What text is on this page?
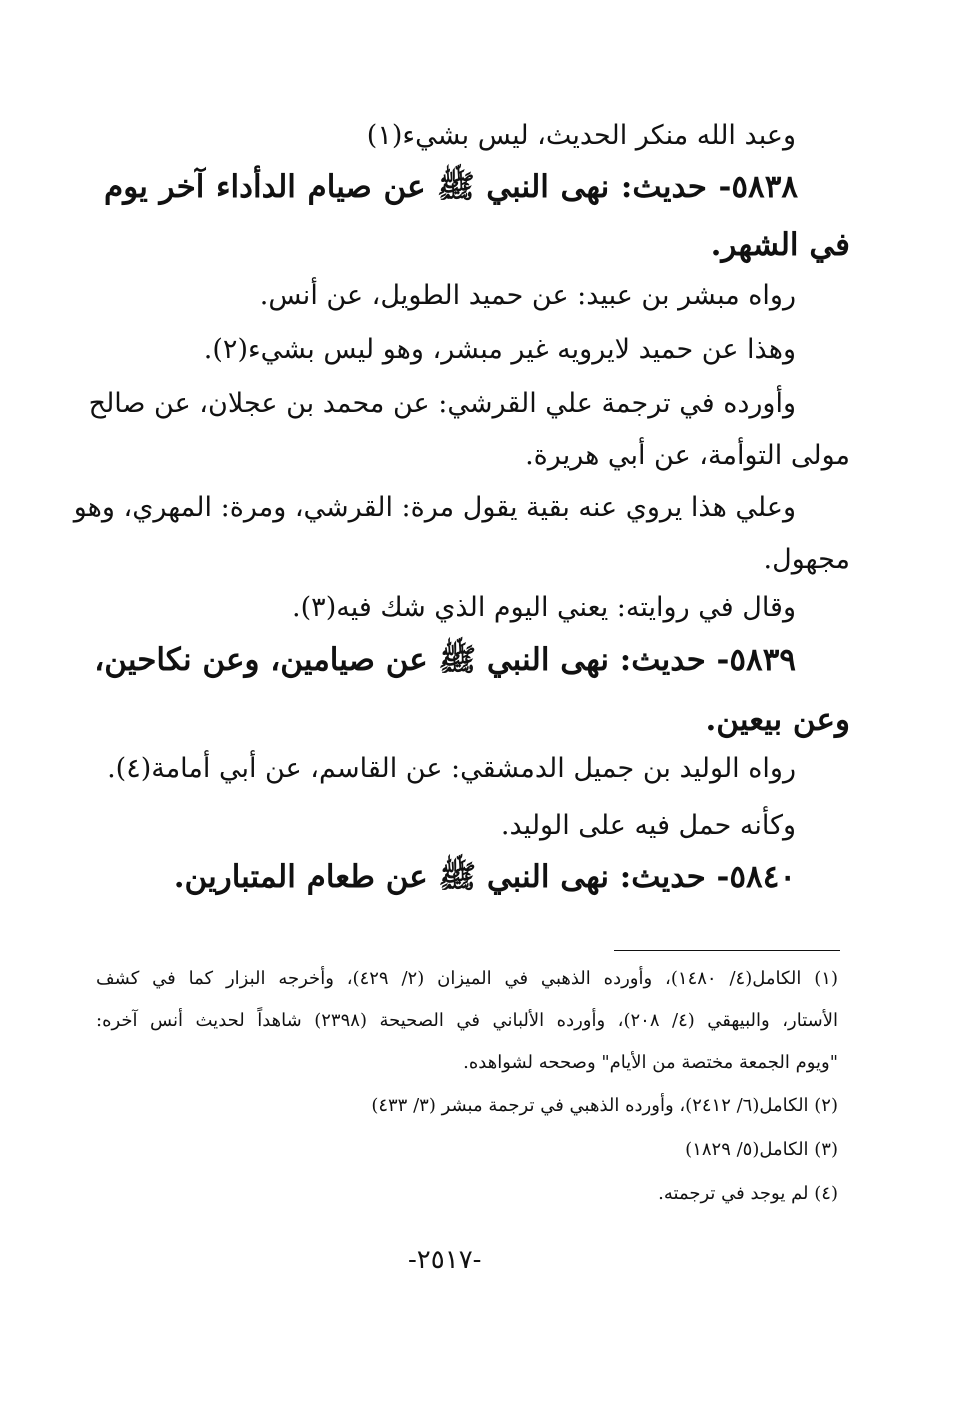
وعبد الله منكر الحديث، ليس بشيء(١)
٥٨٣٨- حديث: نهى النبي ﷺ عن صيام الدأداء آخر يوم
في الشهر.
رواه مبشر بن عبيد: عن حميد الطويل، عن أنس.
وهذا عن حميد لايرويه غير مبشر، وهو ليس بشيء(٢).
وأورده في ترجمة علي القرشي: عن محمد بن عجلان، عن صالح
مولى التوأمة، عن أبي هريرة.
وعلي هذا يروي عنه بقية يقول مرة: القرشي، ومرة: المهري، وهو
مجهول.
وقال في روايته: يعني اليوم الذي شك فيه(٣).
٥٨٣٩- حديث: نهى النبي ﷺ عن صيامين، وعن نكاحين،
وعن بيعين.
رواه الوليد بن جميل الدمشقي: عن القاسم، عن أبي أمامة(٤).
وكأنه حمل فيه على الوليد.
٥٨٤٠- حديث: نهى النبي ﷺ عن طعام المتبارين.
(١) الكامل(٤/ ١٤٨٠)، وأورده الذهبي في الميزان (٢/ ٤٢٩)، وأخرجه البزار كما في كشف
الأستار، والبيهقي (٤/ ٢٠٨)، وأورده الألباني في الصحيحة (٢٣٩٨) شاهداً لحديث أنس آخره:
"ويوم الجمعة مختصة من الأيام" وصححه لشواهده.
(٢) الكامل(٦/ ٢٤١٢)، وأورده الذهبي في ترجمة مبشر (٣/ ٤٣٣)
(٣) الكامل(٥/ ١٨٢٩)
(٤) لم يوجد في ترجمته.
-٢٥١٧-
